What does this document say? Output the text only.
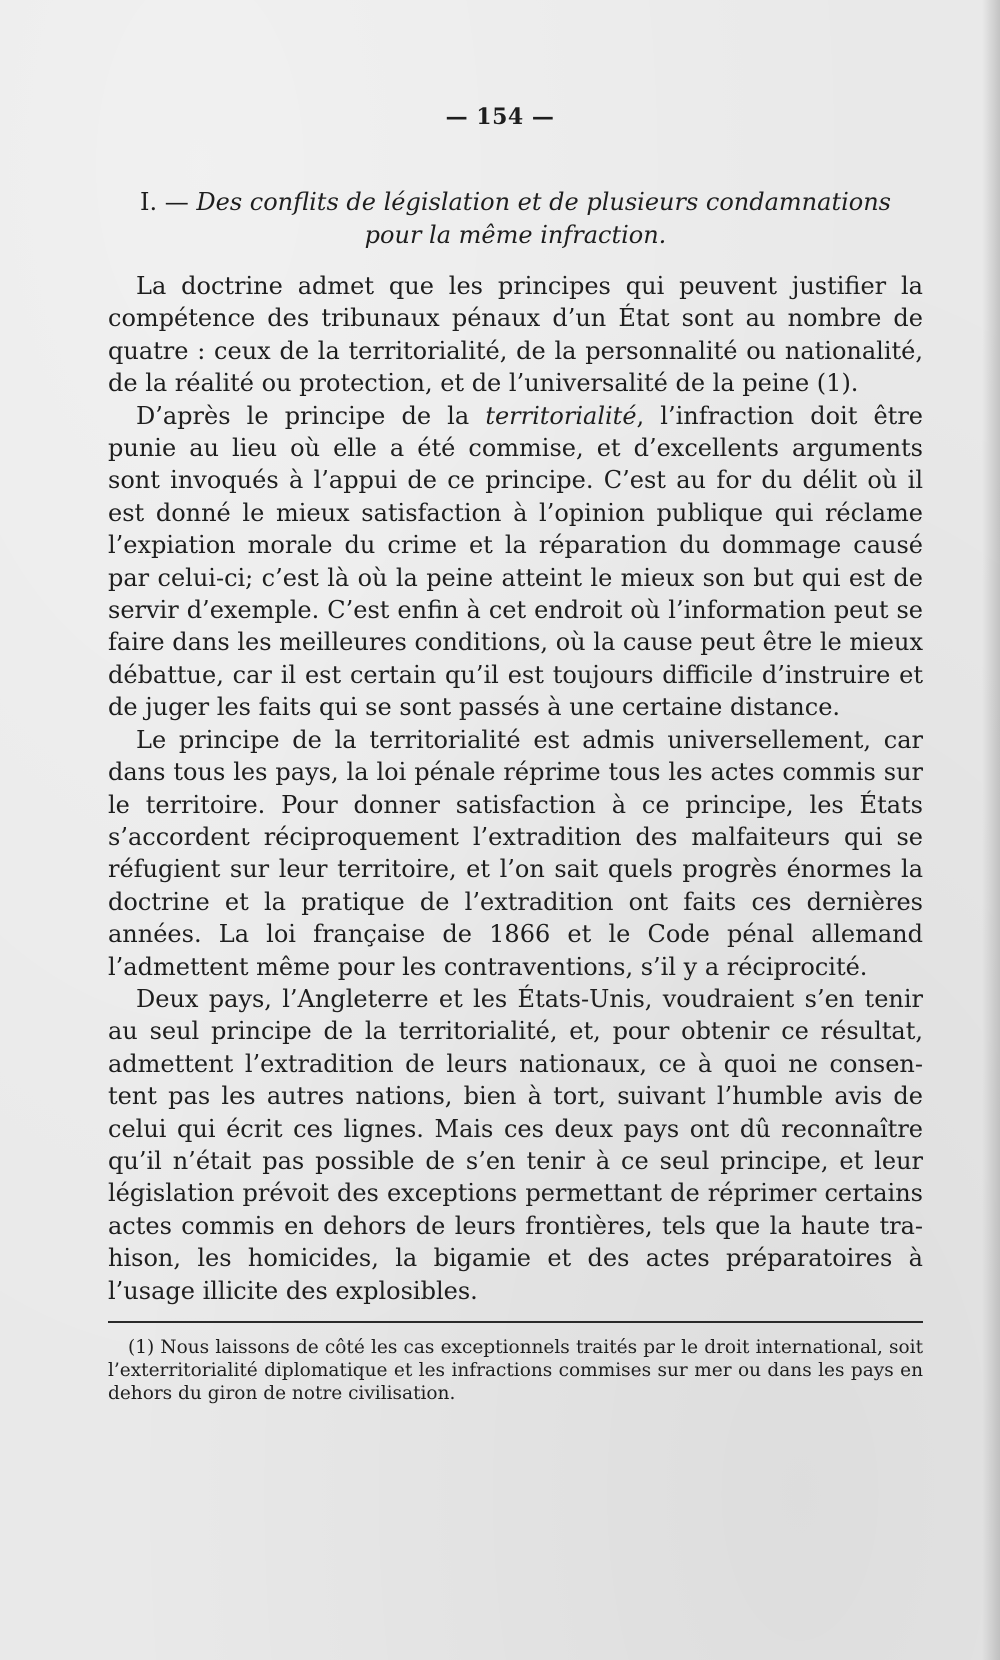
— 154 —
I. — Des conflits de législation et de plusieurs condamnations pour la même infraction.

La doctrine admet que les principes qui peuvent justifier la compétence des tribunaux pénaux d’un État sont au nombre de quatre : ceux de la territorialité, de la personnalité ou nationalité, de la réalité ou protection, et de l’universalité de la peine (1).

D’après le principe de la territorialité, l’infraction doit être punie au lieu où elle a été commise, et d’excellents arguments sont invoqués à l’appui de ce principe. C’est au for du délit où il est donné le mieux satisfaction à l’opinion publique qui réclame l’expiation morale du crime et la réparation du dommage causé par celui-ci; c’est là où la peine atteint le mieux son but qui est de servir d’exemple. C’est enfin à cet endroit où l’information peut se faire dans les meilleures conditions, où la cause peut être le mieux débattue, car il est certain qu’il est toujours difficile d’instruire et de juger les faits qui se sont passés à une certaine distance.

Le principe de la territorialité est admis universellement, car dans tous les pays, la loi pénale réprime tous les actes commis sur le territoire. Pour donner satisfaction à ce principe, les États s’accordent réciproquement l’extradition des malfaiteurs qui se réfugient sur leur territoire, et l’on sait quels progrès énormes la doctrine et la pratique de l’extradition ont faits ces dernières années. La loi française de 1866 et le Code pénal allemand l’admettent même pour les contraventions, s’il y a réciprocité.

Deux pays, l’Angleterre et les États-Unis, voudraient s’en tenir au seul principe de la territorialité, et, pour obtenir ce résultat, admettent l’extradition de leurs nationaux, ce à quoi ne consentent pas les autres nations, bien à tort, suivant l’humble avis de celui qui écrit ces lignes. Mais ces deux pays ont dû reconnaître qu’il n’était pas possible de s’en tenir à ce seul principe, et leur législation prévoit des exceptions permettant de réprimer certains actes commis en dehors de leurs frontières, tels que la haute trahison, les homicides, la bigamie et des actes préparatoires à l’usage illicite des explosibles.

(1) Nous laissons de côté les cas exceptionnels traités par le droit international, soit l’exterritorialité diplomatique et les infractions commises sur mer ou dans les pays en dehors du giron de notre civilisation.
